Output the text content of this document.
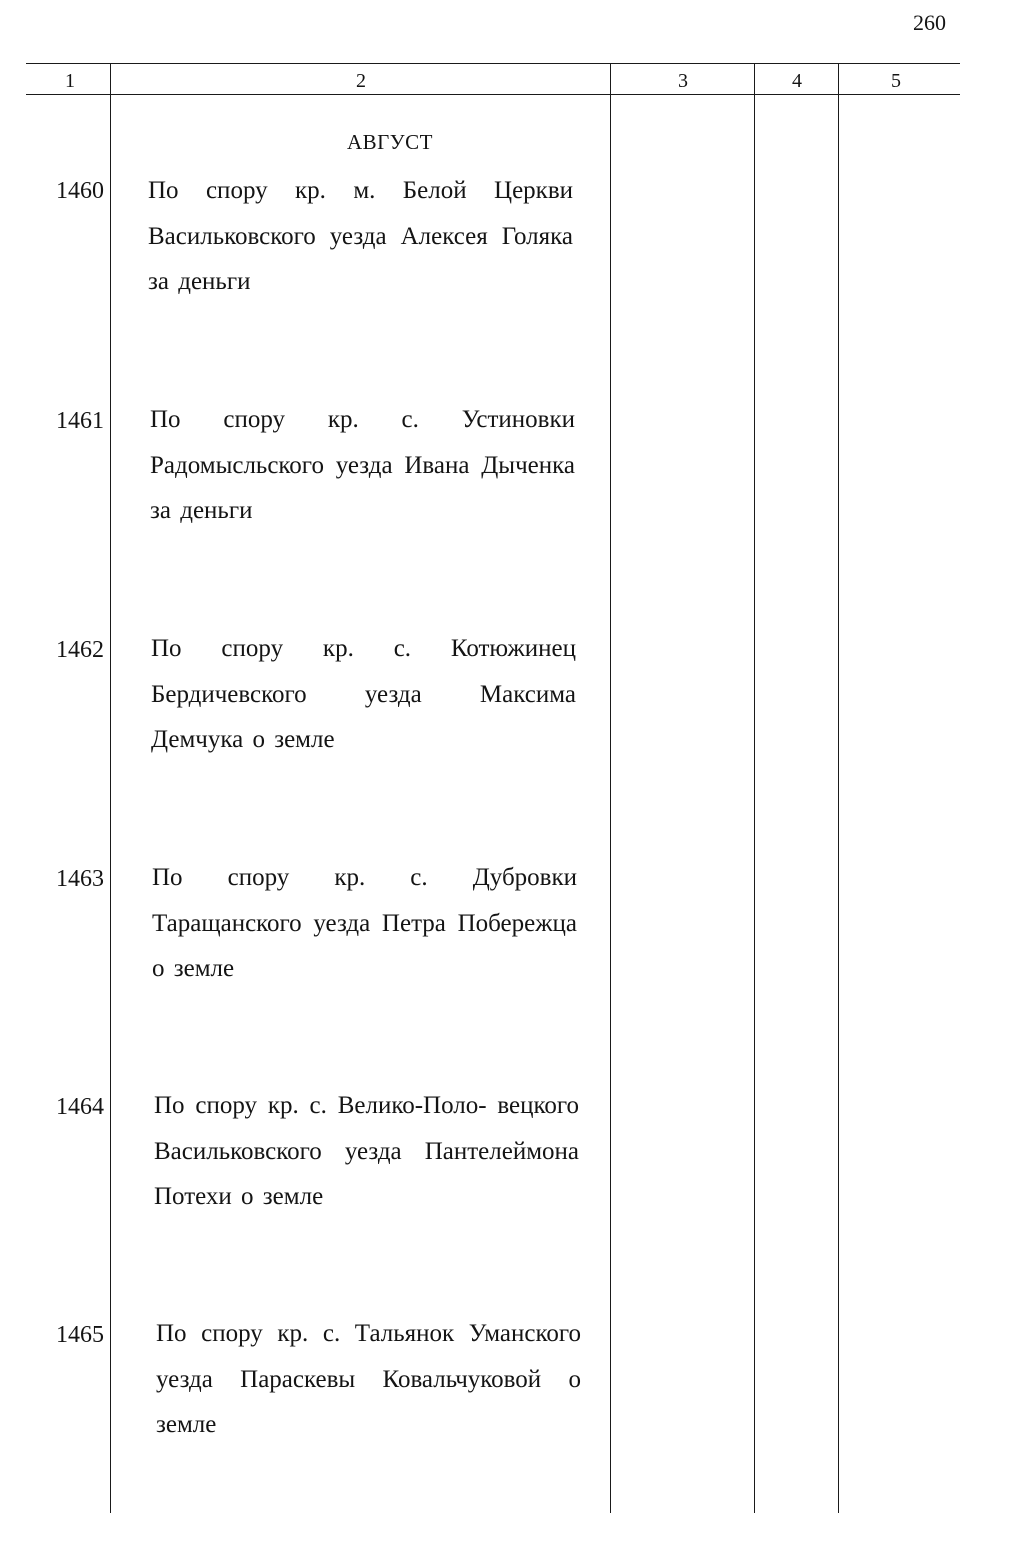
260
1	2	3	4	5
АВГУСТ
1460 По спору кр. м. Белой Церкви Васильковского уезда Алексея Голяка за деньги
1461 По спору кр. с. Устиновки Радомысльского уезда Ивана Дыченка за деньги
1462 По спору кр. с. Котюжинец Бердичевского уезда Максима Демчука о земле
1463 По спору кр. с. Дубровки Таращанского уезда Петра Побережца о земле
1464 По спору кр. с. Велико-Поло- вецкого Васильковского уезда Пантелеймона Потехи о земле
1465 По спору кр. с. Тальянок Уманского уезда Параскевы Ковальчуковой о земле
